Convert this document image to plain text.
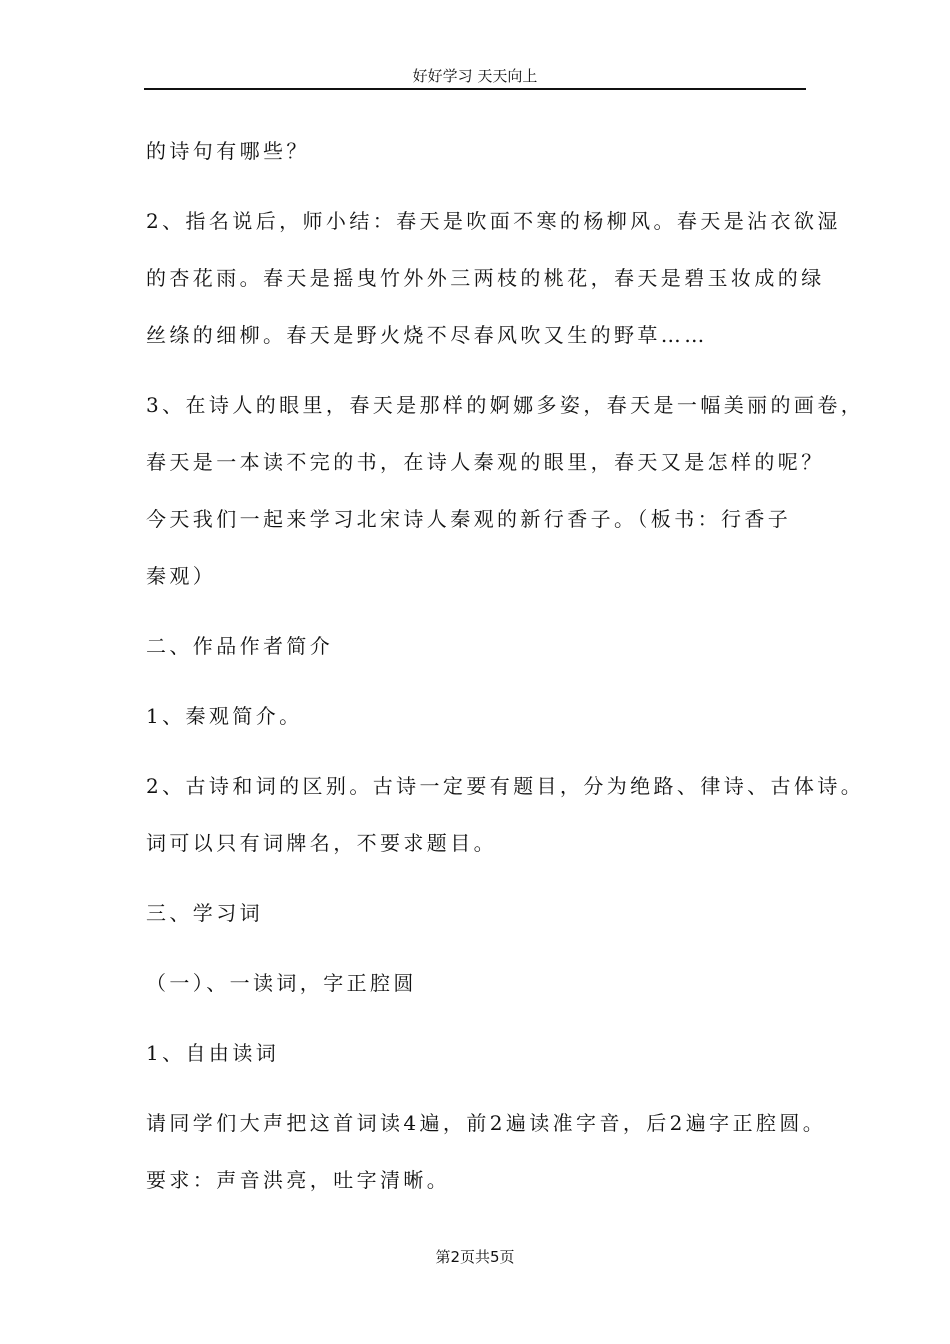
好好学习 天天向上
的诗句有哪些？
2、指名说后，师小结：春天是吹面不寒的杨柳风。春天是沾衣欲湿
的杏花雨。春天是摇曳竹外外三两枝的桃花，春天是碧玉妆成的绿
丝绦的细柳。春天是野火烧不尽春风吹又生的野草……
3、在诗人的眼里，春天是那样的婀娜多姿，春天是一幅美丽的画卷，
春天是一本读不完的书，在诗人秦观的眼里，春天又是怎样的呢？
今天我们一起来学习北宋诗人秦观的新行香子。（板书：行香子
秦观）
二、作品作者简介
1、秦观简介。
2、古诗和词的区别。古诗一定要有题目，分为绝路、律诗、古体诗。
词可以只有词牌名，不要求题目。
三、学习词
（一）、一读词，字正腔圆
1、自由读词
请同学们大声把这首词读4遍，前2遍读准字音，后2遍字正腔圆。
要求：声音洪亮，吐字清晰。
第2页共5页
